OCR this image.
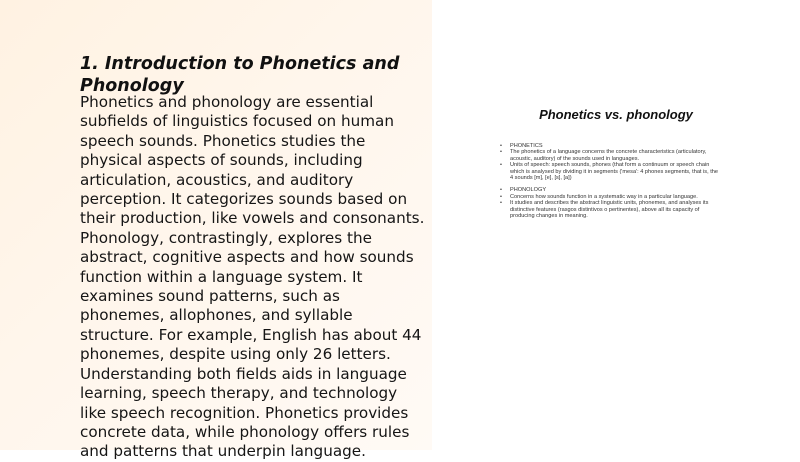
1. Introduction to Phonetics and Phonology

Phonetics and phonology are essential subfields of linguistics focused on human speech sounds. Phonetics studies the physical aspects of sounds, including articulation, acoustics, and auditory perception. It categorizes sounds based on their production, like vowels and consonants. Phonology, contrastingly, explores the abstract, cognitive aspects and how sounds function within a language system. It examines sound patterns, such as phonemes, allophones, and syllable structure. For example, English has about 44 phonemes, despite using only 26 letters. Understanding both fields aids in language learning, speech therapy, and technology like speech recognition. Phonetics provides concrete data, while phonology offers rules and patterns that underpin language.

Phonetics vs. phonology
• PHONETICS
• The phonetics of a language concerns the concrete characteristics (articulatory, acoustic, auditory) of the sounds used in languages.
• Units of speech: speech sounds, phones (that form a continuum or speech chain which is analysed by dividing it in segments ('mesa': 4 phones segments, that is, the 4 sounds [m], [e], [s], [a])
• PHONOLOGY
• Concerns how sounds function in a systematic way in a particular language.
• It studies and describes the abstract linguistic units, phonemes, and analyses its distinctive features (rasgos distintivos o pertinentes), above all its capacity of producing changes in meaning.
